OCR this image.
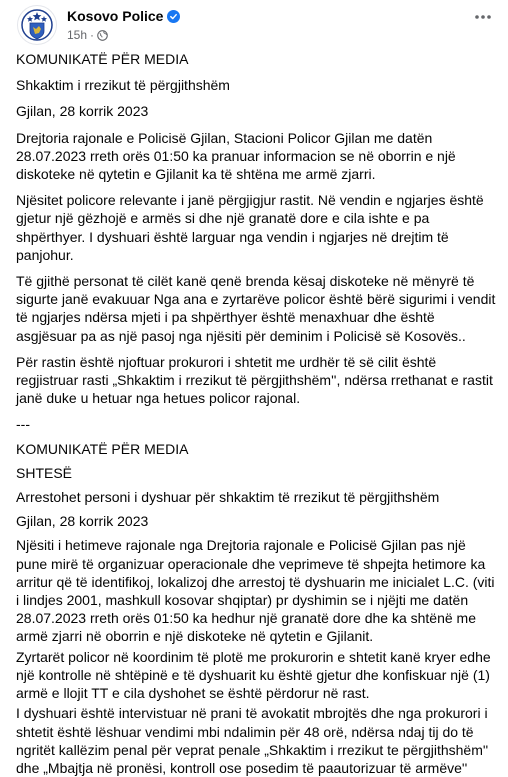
Kosovo Police
15h ·

KOMUNIKATË PËR MEDIA

Shkaktim i rrezikut të përgjithshëm

Gjilan, 28 korrik 2023

Drejtoria rajonale e Policisë Gjilan, Stacioni Policor Gjilan me datën 28.07.2023 rreth orës 01:50 ka pranuar informacion se në oborrin e një diskoteke në qytetin e Gjilanit ka të shtëna me armë zjarri.

Njësitet policore relevante i janë përgjigjur rastit. Në vendin e ngjarjes është gjetur një gëzhojë e armës si dhe një granatë dore e cila ishte e pa shpërthyer. I dyshuari është larguar nga vendin i ngjarjes në drejtim të panjohur.

Të gjithë personat të cilët kanë qenë brenda kësaj diskoteke në mënyrë të sigurte janë evakuuar Nga ana e zyrtarëve policor është bërë sigurimi i vendit të ngjarjes ndërsa mjeti i pa shpërthyer është menaxhuar dhe është asgjësuar pa as një pasoj nga njësiti për deminim i Policisë së Kosovës..

Për rastin është njoftuar prokurori i shtetit me urdhër të së cilit është regjistruar rasti „Shkaktim i rrezikut të përgjithshëm'', ndërsa rrethanat e rastit janë duke u hetuar nga hetues policor rajonal.

---

KOMUNIKATË PËR MEDIA

SHTESË

Arrestohet personi i dyshuar për shkaktim të rrezikut të përgjithshëm

Gjilan, 28 korrik 2023

Njësiti i hetimeve rajonale nga Drejtoria rajonale e Policisë Gjilan pas një pune mirë të organizuar operacionale dhe veprimeve të shpejta hetimore ka arritur që të identifikoj, lokalizoj dhe arrestoj të dyshuarin me inicialet L.C. (viti i lindjes 2001, mashkull kosovar shqiptar) pr dyshimin se i njëjti me datën 28.07.2023 rreth orës 01:50 ka hedhur një granatë dore dhe ka shtënë me armë zjarri në oborrin e një diskoteke në qytetin e Gjilanit.

Zyrtarët policor në koordinim të plotë me prokurorin e shtetit kanë kryer edhe një kontrolle në shtëpinë e të dyshuarit ku është gjetur dhe konfiskuar një (1) armë e llojit TT e cila dyshohet se është përdorur në rast.

I dyshuari është intervistuar në prani të avokatit mbrojtës dhe nga prokurori i shtetit është lëshuar vendimi mbi ndalimin për 48 orë, ndërsa ndaj tij do të ngritët kallëzim penal për veprat penale „Shkaktim i rrezikut te përgjithshëm'' dhe „Mbajtja në pronësi, kontroll ose posedim të paautorizuar të armëve''
